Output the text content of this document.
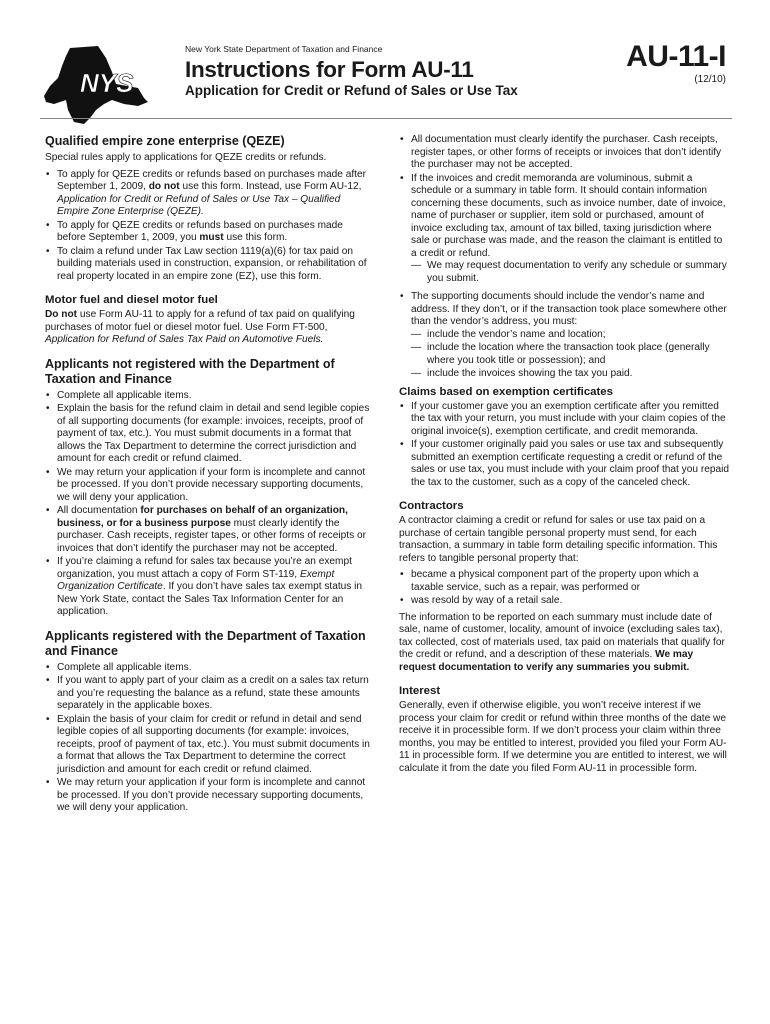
NYS
New York State Department of Taxation and Finance
Instructions for Form AU-11
Application for Credit or Refund of Sales or Use Tax
AU-11-I
(12/10)
Qualified empire zone enterprise (QEZE)

Special rules apply to applications for QEZE credits or refunds.

• To apply for QEZE credits or refunds based on purchases made after September 1, 2009, do not use this form. Instead, use Form AU-12, Application for Credit or Refund of Sales or Use Tax – Qualified Empire Zone Enterprise (QEZE).
• To apply for QEZE credits or refunds based on purchases made before September 1, 2009, you must use this form.
• To claim a refund under Tax Law section 1119(a)(6) for tax paid on building materials used in construction, expansion, or rehabilitation of real property located in an empire zone (EZ), use this form.
Motor fuel and diesel motor fuel

Do not use Form AU-11 to apply for a refund of tax paid on qualifying purchases of motor fuel or diesel motor fuel. Use Form FT-500, Application for Refund of Sales Tax Paid on Automotive Fuels.

Applicants not registered with the Department of Taxation and Finance
• Complete all applicable items.
• Explain the basis for the refund claim in detail and send legible copies of all supporting documents (for example: invoices, receipts, proof of payment of tax, etc.). You must submit documents in a format that allows the Tax Department to determine the correct jurisdiction and amount for each credit or refund claimed.
• We may return your application if your form is incomplete and cannot be processed. If you don’t provide necessary supporting documents, we will deny your application.
• All documentation for purchases on behalf of an organization, business, or for a business purpose must clearly identify the purchaser. Cash receipts, register tapes, or other forms of receipts or invoices that don’t identify the purchaser may not be accepted.
• If you’re claiming a refund for sales tax because you’re an exempt organization, you must attach a copy of Form ST-119, Exempt Organization Certificate. If you don’t have sales tax exempt status in New York State, contact the Sales Tax Information Center for an application.
Applicants registered with the Department of Taxation and Finance
• Complete all applicable items.
• If you want to apply part of your claim as a credit on a sales tax return and you’re requesting the balance as a refund, state these amounts separately in the applicable boxes.
• Explain the basis of your claim for credit or refund in detail and send legible copies of all supporting documents (for example: invoices, receipts, proof of payment of tax, etc.). You must submit documents in a format that allows the Tax Department to determine the correct jurisdiction and amount for each credit or refund claimed.
• We may return your application if your form is incomplete and cannot be processed. If you don’t provide necessary supporting documents, we will deny your application.
• All documentation must clearly identify the purchaser. Cash receipts, register tapes, or other forms of receipts or invoices that don’t identify the purchaser may not be accepted.
• If the invoices and credit memoranda are voluminous, submit a schedule or a summary in table form. It should contain information concerning these documents, such as invoice number, date of invoice, name of purchaser or supplier, item sold or purchased, amount of invoice excluding tax, amount of tax billed, taxing jurisdiction where sale or purchase was made, and the reason the claimant is entitled to a credit or refund.
— We may request documentation to verify any schedule or summary you submit.
• The supporting documents should include the vendor’s name and address. If they don’t, or if the transaction took place somewhere other than the vendor’s address, you must:
— include the vendor’s name and location;
— include the location where the transaction took place (generally where you took title or possession); and
— include the invoices showing the tax you paid.
Claims based on exemption certificates
• If your customer gave you an exemption certificate after you remitted the tax with your return, you must include with your claim copies of the original invoice(s), exemption certificate, and credit memoranda.
• If your customer originally paid you sales or use tax and subsequently submitted an exemption certificate requesting a credit or refund of the sales or use tax, you must include with your claim proof that you repaid the tax to the customer, such as a copy of the canceled check.
Contractors

A contractor claiming a credit or refund for sales or use tax paid on a purchase of certain tangible personal property must send, for each transaction, a summary in table form detailing specific information. This refers to tangible personal property that:

• became a physical component part of the property upon which a taxable service, such as a repair, was performed or
• was resold by way of a retail sale.

The information to be reported on each summary must include date of sale, name of customer, locality, amount of invoice (excluding sales tax), tax collected, cost of materials used, tax paid on materials that qualify for the credit or refund, and a description of these materials. We may request documentation to verify any summaries you submit.

Interest

Generally, even if otherwise eligible, you won’t receive interest if we process your claim for credit or refund within three months of the date we receive it in processible form. If we don’t process your claim within three months, you may be entitled to interest, provided you filed your Form AU-11 in processible form. If we determine you are entitled to interest, we will calculate it from the date you filed Form AU-11 in processible form.
